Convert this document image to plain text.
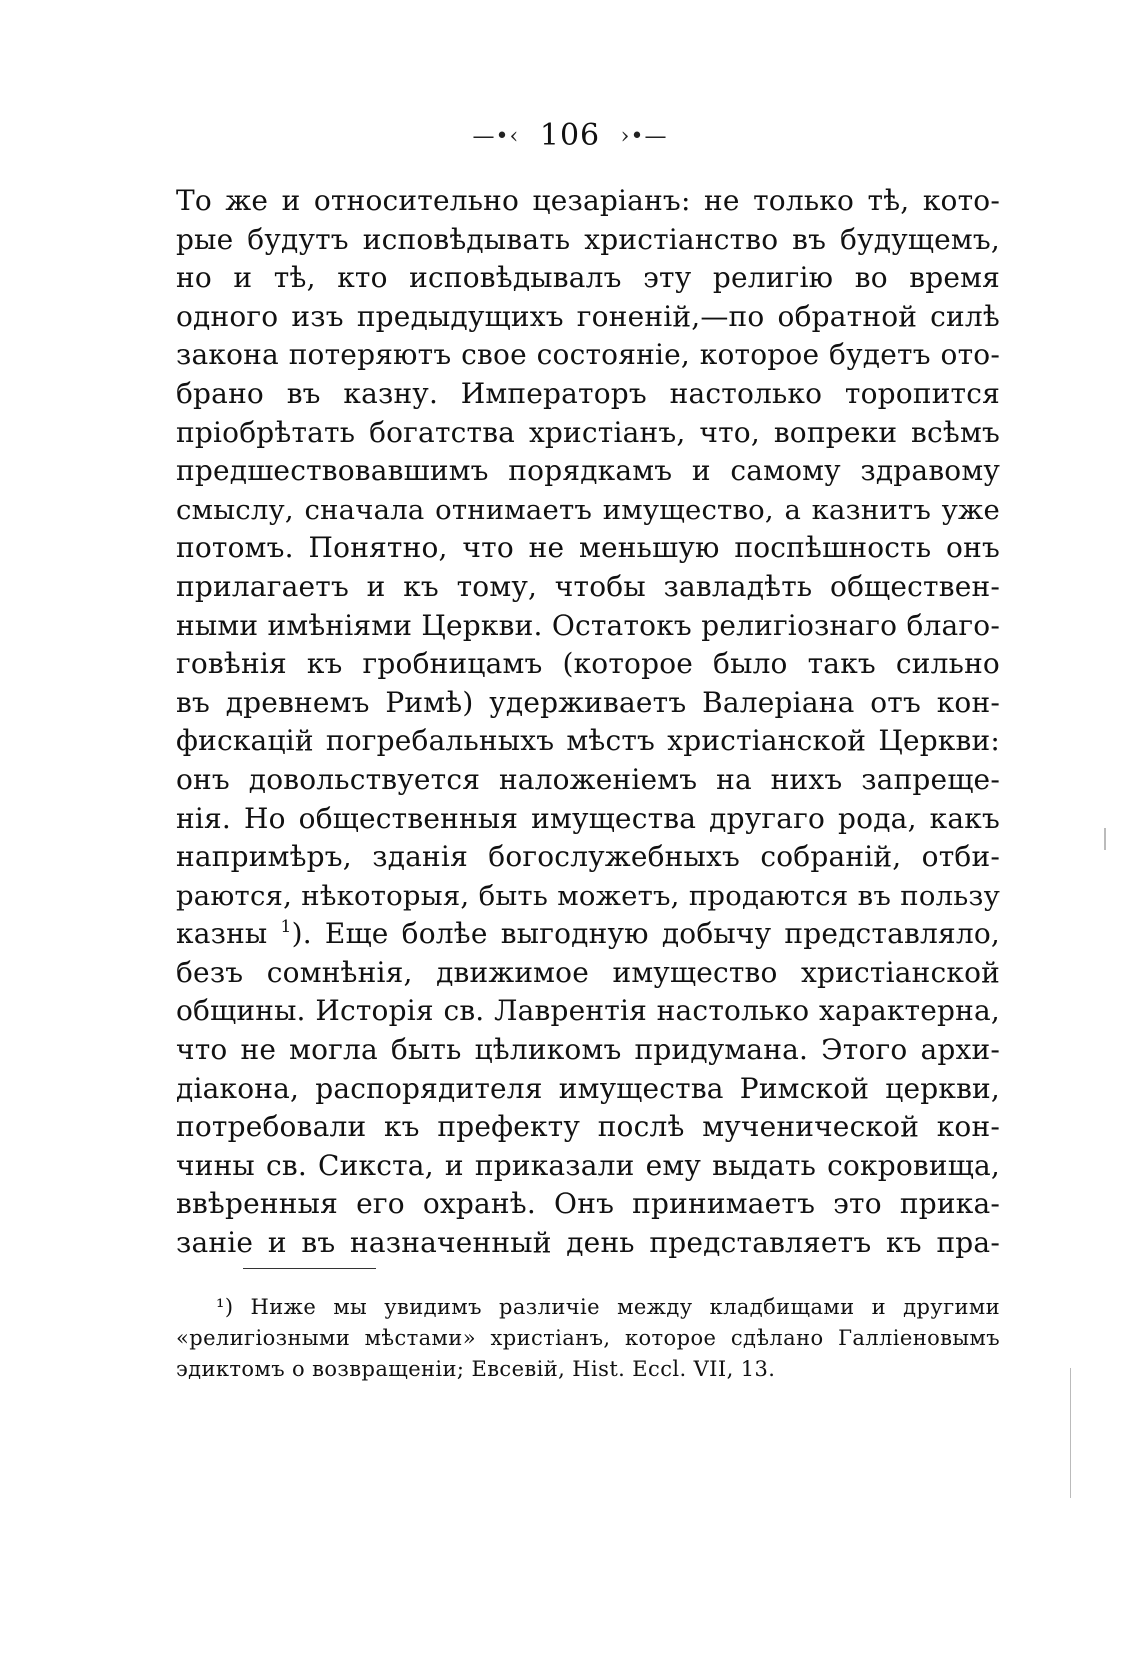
—•‹ 106 ›•—
То же и относительно цезаріанъ: не только тѣ, кото-
рые будутъ исповѣдывать христіанство въ будущемъ,
но и тѣ, кто исповѣдывалъ эту религію во время
одного изъ предыдущихъ гоненій,—по обратной силѣ
закона потеряютъ свое состояніе, которое будетъ ото-
брано въ казну. Императоръ настолько торопится
пріобрѣтать богатства христіанъ, что, вопреки всѣмъ
предшествовавшимъ порядкамъ и самому здравому
смыслу, сначала отнимаетъ имущество, а казнитъ уже
потомъ. Понятно, что не меньшую поспѣшность онъ
прилагаетъ и къ тому, чтобы завладѣть обществен-
ными имѣніями Церкви. Остатокъ религіознаго благо-
говѣнія къ гробницамъ (которое было такъ сильно
въ древнемъ Римѣ) удерживаетъ Валеріана отъ кон-
фискацій погребальныхъ мѣстъ христіанской Церкви:
онъ довольствуется наложеніемъ на нихъ запреще-
нія. Но общественныя имущества другаго рода, какъ
напримѣръ, зданія богослужебныхъ собраній, отби-
раются, нѣкоторыя, быть можетъ, продаются въ пользу
казны $^1$). Еще болѣе выгодную добычу представляло,
безъ сомнѣнія, движимое имущество христіанской
общины. Исторія св. Лаврентія настолько характерна,
что не могла быть цѣликомъ придумана. Этого архи-
діакона, распорядителя имущества Римской церкви,
потребовали къ префекту послѣ мученической кон-
чины св. Сикста, и приказали ему выдать сокровища,
ввѣренныя его охранѣ. Онъ принимаетъ это прика-
заніе и въ назначенный день представляетъ къ пра-
¹) Ниже мы увидимъ различіе между кладбищами и другими
«религіозными мѣстами» христіанъ, которое сдѣлано Галліеновымъ
эдиктомъ о возвращеніи; Евсевій, Hist. Eccl. VII, 13.
